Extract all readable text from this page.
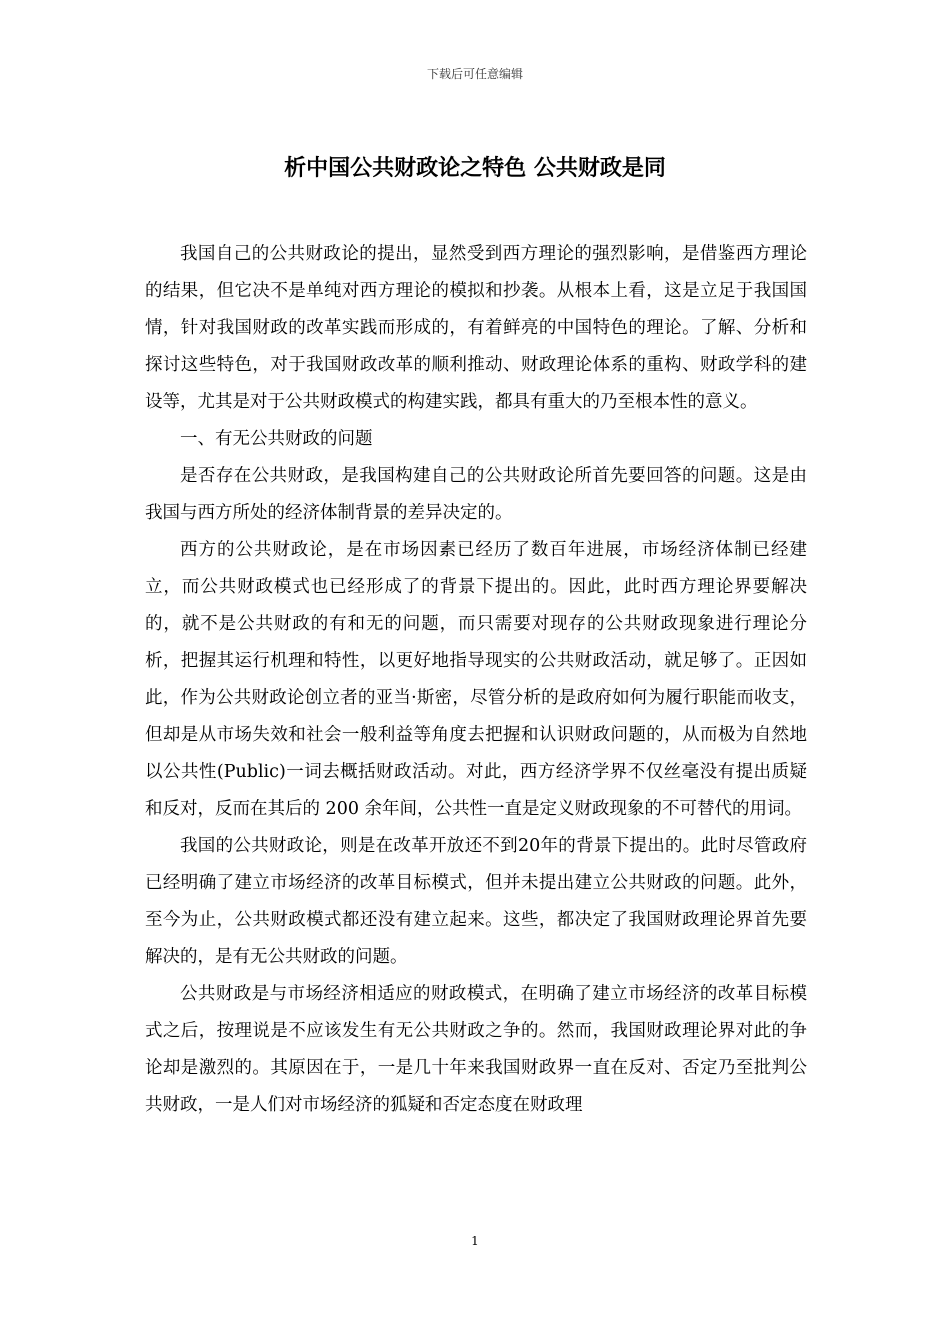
下载后可任意编辑
析中国公共财政论之特色 公共财政是同

我国自己的公共财政论的提出，显然受到西方理论的强烈影响，是借鉴西方理论的结果，但它决不是单纯对西方理论的模拟和抄袭。从根本上看，这是立足于我国国情，针对我国财政的改革实践而形成的，有着鲜亮的中国特色的理论。了解、分析和探讨这些特色，对于我国财政改革的顺利推动、财政理论体系的重构、财政学科的建设等，尤其是对于公共财政模式的构建实践，都具有重大的乃至根本性的意义。

一、有无公共财政的问题

是否存在公共财政，是我国构建自己的公共财政论所首先要回答的问题。这是由我国与西方所处的经济体制背景的差异决定的。

西方的公共财政论，是在市场因素已经历了数百年进展，市场经济体制已经建立，而公共财政模式也已经形成了的背景下提出的。因此，此时西方理论界要解决的，就不是公共财政的有和无的问题，而只需要对现存的公共财政现象进行理论分析，把握其运行机理和特性，以更好地指导现实的公共财政活动，就足够了。正因如此，作为公共财政论创立者的亚当·斯密，尽管分析的是政府如何为履行职能而收支，但却是从市场失效和社会一般利益等角度去把握和认识财政问题的，从而极为自然地以公共性(Public)一词去概括财政活动。对此，西方经济学界不仅丝毫没有提出质疑和反对，反而在其后的 200 余年间，公共性一直是定义财政现象的不可替代的用词。

我国的公共财政论，则是在改革开放还不到20年的背景下提出的。此时尽管政府已经明确了建立市场经济的改革目标模式，但并未提出建立公共财政的问题。此外，至今为止，公共财政模式都还没有建立起来。这些，都决定了我国财政理论界首先要解决的，是有无公共财政的问题。

公共财政是与市场经济相适应的财政模式，在明确了建立市场经济的改革目标模式之后，按理说是不应该发生有无公共财政之争的。然而，我国财政理论界对此的争论却是激烈的。其原因在于，一是几十年来我国财政界一直在反对、否定乃至批判公共财政，一是人们对市场经济的狐疑和否定态度在财政理

1
